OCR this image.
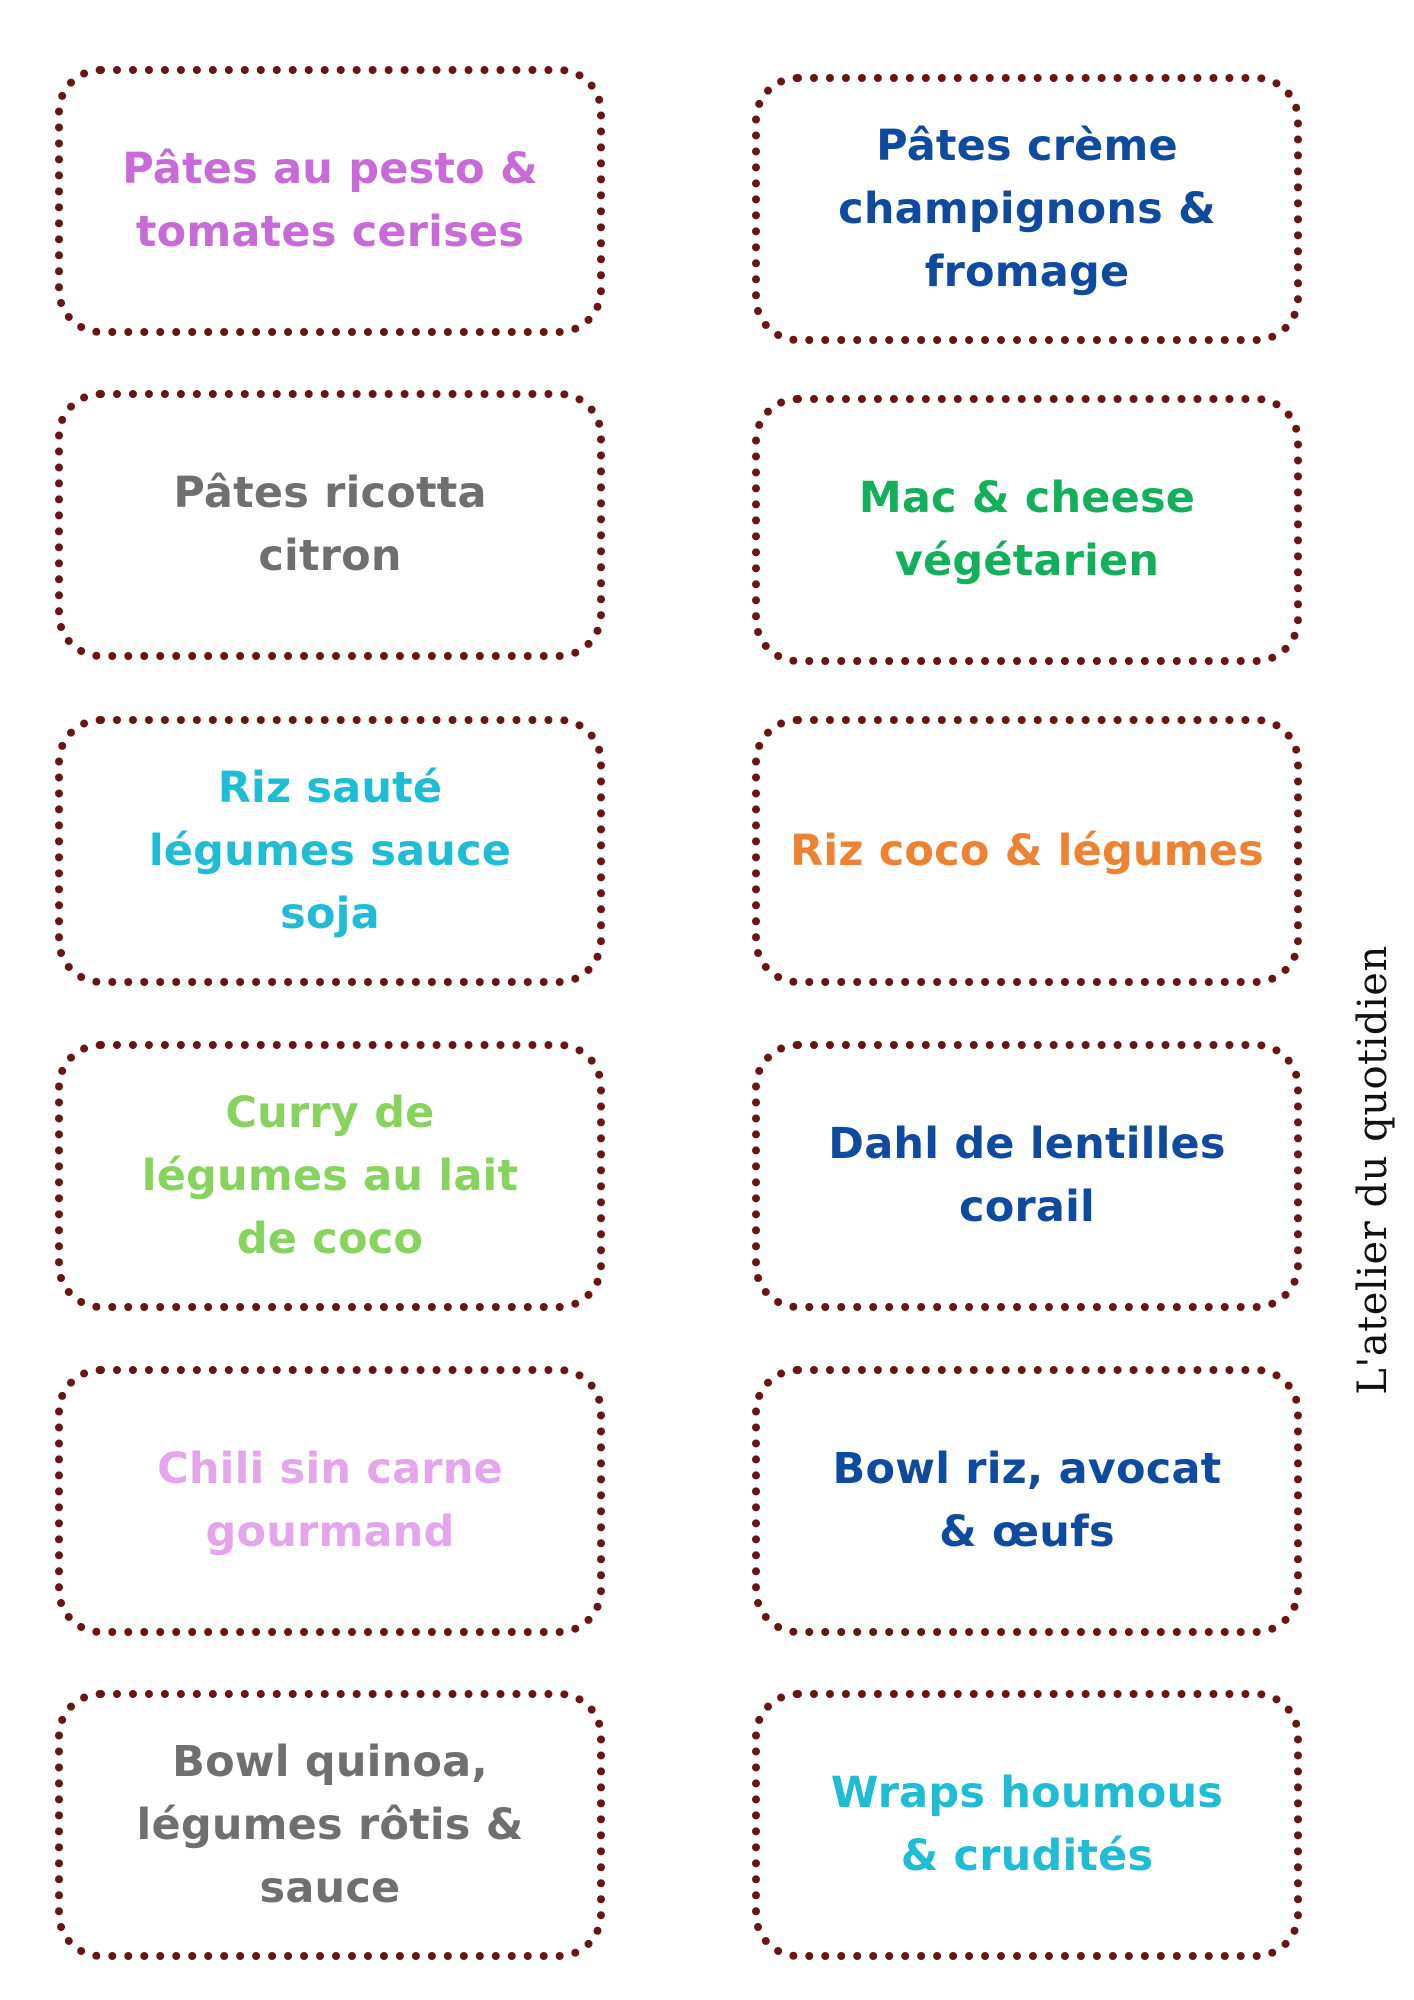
Pâtes au pesto & tomates cerises
Pâtes crème champignons & fromage
Pâtes ricotta citron
Mac & cheese végétarien
Riz sauté légumes sauce soja
Riz coco & légumes
Curry de légumes au lait de coco
Dahl de lentilles corail
Chili sin carne gourmand
Bowl riz, avocat & œufs
Bowl quinoa, légumes rôtis & sauce
Wraps houmous & crudités
L'atelier du quotidien
